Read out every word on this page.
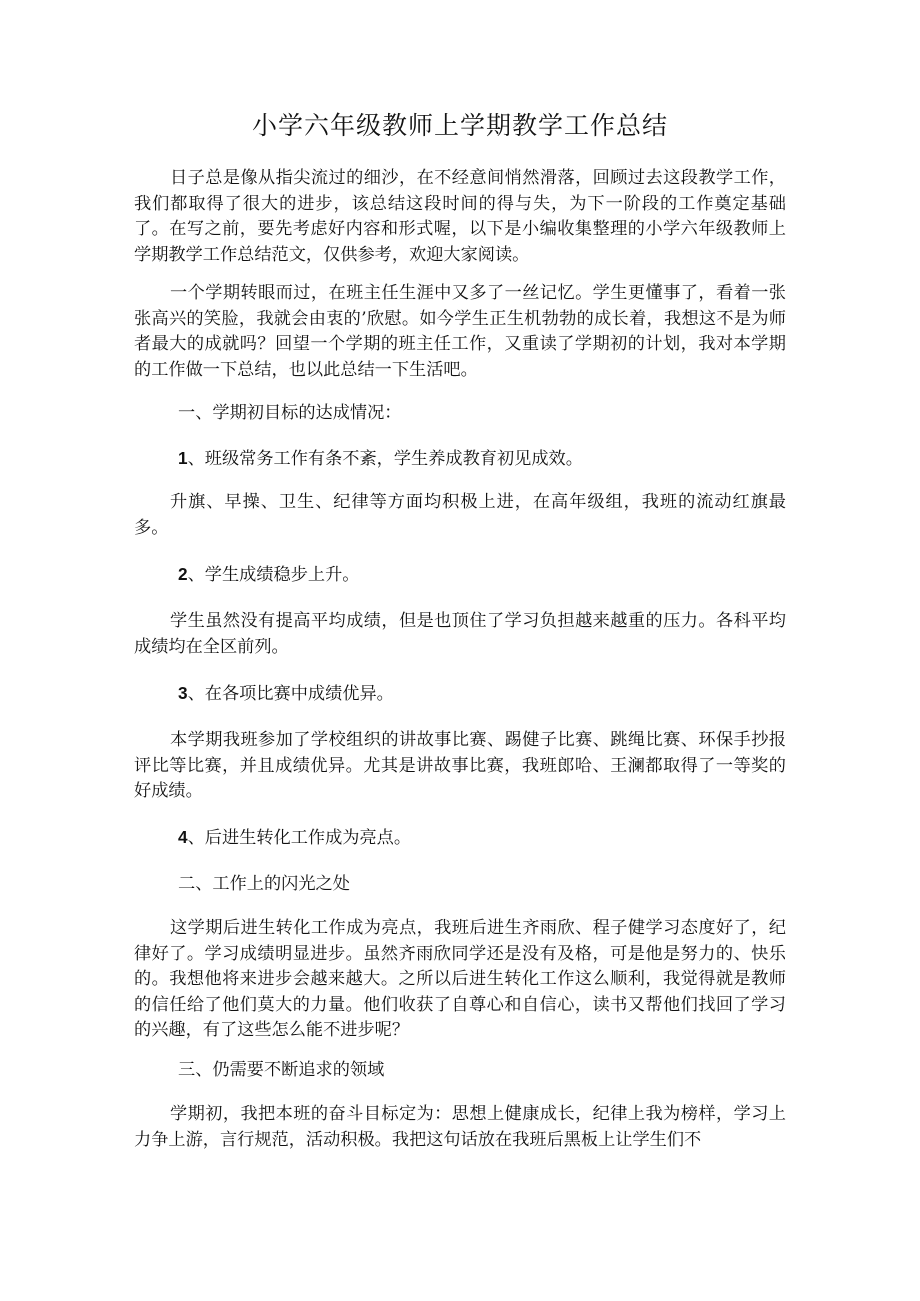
小学六年级教师上学期教学工作总结

日子总是像从指尖流过的细沙，在不经意间悄然滑落，回顾过去这段教学工作，我们都取得了很大的进步，该总结这段时间的得与失，为下一阶段的工作奠定基础了。在写之前，要先考虑好内容和形式喔，以下是小编收集整理的小学六年级教师上学期教学工作总结范文，仅供参考，欢迎大家阅读。

一个学期转眼而过，在班主任生涯中又多了一丝记忆。学生更懂事了，看着一张张高兴的笑脸，我就会由衷的’欣慰。如今学生正生机勃勃的成长着，我想这不是为师者最大的成就吗？回望一个学期的班主任工作，又重读了学期初的计划，我对本学期的工作做一下总结，也以此总结一下生活吧。

一、学期初目标的达成情况：

1、班级常务工作有条不紊，学生养成教育初见成效。

升旗、早操、卫生、纪律等方面均积极上进，在高年级组，我班的流动红旗最多。

2、学生成绩稳步上升。

学生虽然没有提高平均成绩，但是也顶住了学习负担越来越重的压力。各科平均成绩均在全区前列。

3、在各项比赛中成绩优异。

本学期我班参加了学校组织的讲故事比赛、踢健子比赛、跳绳比赛、环保手抄报评比等比赛，并且成绩优异。尤其是讲故事比赛，我班郎哈、王澜都取得了一等奖的好成绩。

4、后进生转化工作成为亮点。

二、工作上的闪光之处

这学期后进生转化工作成为亮点，我班后进生齐雨欣、程子健学习态度好了，纪律好了。学习成绩明显进步。虽然齐雨欣同学还是没有及格，可是他是努力的、快乐的。我想他将来进步会越来越大。之所以后进生转化工作这么顺利，我觉得就是教师的信任给了他们莫大的力量。他们收获了自尊心和自信心，读书又帮他们找回了学习的兴趣，有了这些怎么能不进步呢？

三、仍需要不断追求的领域

学期初，我把本班的奋斗目标定为：思想上健康成长，纪律上我为榜样，学习上力争上游，言行规范，活动积极。我把这句话放在我班后黑板上让学生们不
